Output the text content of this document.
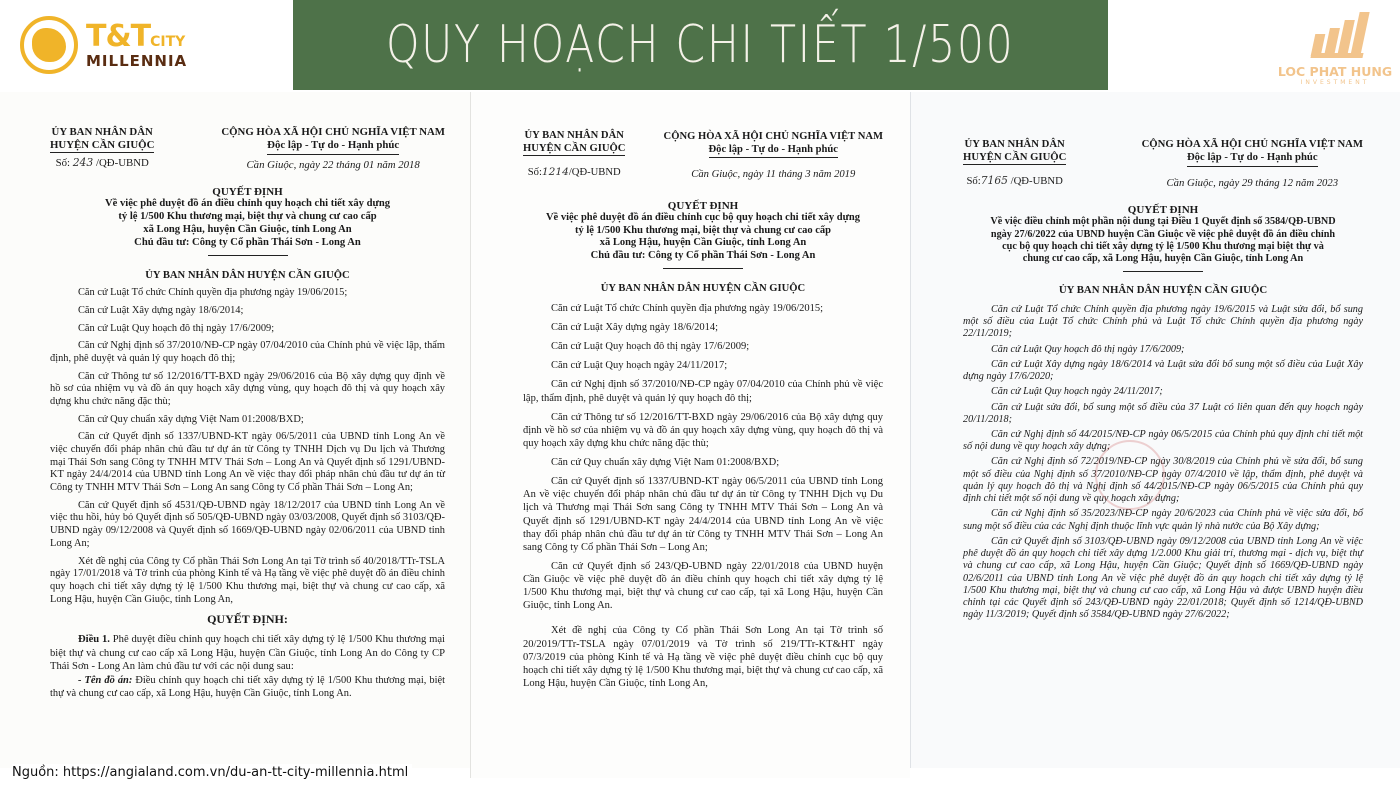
T&TCITY
MILLENNIA	QUY HOẠCH CHI TIẾT 1/500	LOC PHAT HUNG
INVESTMENT
ỦY BAN NHÂN DÂN
HUYỆN CẦN GIUỘC
Số: 243 /QĐ-UBND
CỘNG HÒA XÃ HỘI CHỦ NGHĨA VIỆT NAM
Độc lập - Tự do - Hạnh phúc
Cần Giuộc, ngày 22 tháng 01 năm 2018
QUYẾT ĐỊNH
Về việc phê duyệt đồ án điều chỉnh quy hoạch chi tiết xây dựng
tỷ lệ 1/500 Khu thương mại, biệt thự và chung cư cao cấp
xã Long Hậu, huyện Cần Giuộc, tỉnh Long An
Chủ đầu tư: Công ty Cổ phần Thái Sơn - Long An
ỦY BAN NHÂN DÂN HUYỆN CẦN GIUỘC

Căn cứ Luật Tổ chức Chính quyền địa phương ngày 19/06/2015;

Căn cứ Luật Xây dựng ngày 18/6/2014;

Căn cứ Luật Quy hoạch đô thị ngày 17/6/2009;

Căn cứ Nghị định số 37/2010/NĐ-CP ngày 07/04/2010 của Chính phủ về việc lập, thẩm định, phê duyệt và quản lý quy hoạch đô thị;

Căn cứ Thông tư số 12/2016/TT-BXD ngày 29/06/2016 của Bộ xây dựng quy định về hồ sơ của nhiệm vụ và đồ án quy hoạch xây dựng vùng, quy hoạch đô thị và quy hoạch xây dựng khu chức năng đặc thù;

Căn cứ Quy chuẩn xây dựng Việt Nam 01:2008/BXD;

Căn cứ Quyết định số 1337/UBND-KT ngày 06/5/2011 của UBND tỉnh Long An về việc chuyển đổi pháp nhân chủ đầu tư dự án từ Công ty TNHH Dịch vụ Du lịch và Thương mại Thái Sơn sang Công ty TNHH MTV Thái Sơn – Long An và Quyết định số 1291/UBND-KT ngày 24/4/2014 của UBND tỉnh Long An về việc thay đổi pháp nhân chủ đầu tư dự án từ Công ty TNHH MTV Thái Sơn – Long An sang Công ty Cổ phần Thái Sơn – Long An;

Căn cứ Quyết định số 4531/QĐ-UBND ngày 18/12/2017 của UBND tỉnh Long An về việc thu hồi, hủy bỏ Quyết định số 505/QĐ-UBND ngày 03/03/2008, Quyết định số 3103/QĐ-UBND ngày 09/12/2008 và Quyết định số 1669/QĐ-UBND ngày 02/06/2011 của UBND tỉnh Long An;

Xét đề nghị của Công ty Cổ phần Thái Sơn Long An tại Tờ trình số 40/2018/TTr-TSLA ngày 17/01/2018 và Tờ trình của phòng Kinh tế và Hạ tầng về việc phê duyệt đồ án điều chỉnh quy hoạch chi tiết xây dựng tỷ lệ 1/500 Khu thương mại, biệt thự và chung cư cao cấp, xã Long Hậu, huyện Cần Giuộc, tỉnh Long An,

QUYẾT ĐỊNH:

Điều 1. Phê duyệt điều chỉnh quy hoạch chi tiết xây dựng tỷ lệ 1/500 Khu thương mại biệt thự và chung cư cao cấp xã Long Hậu, huyện Cần Giuộc, tỉnh Long An do Công ty CP Thái Sơn - Long An làm chủ đầu tư với các nội dung sau:

- Tên đồ án: Điều chỉnh quy hoạch chi tiết xây dựng tỷ lệ 1/500 Khu thương mại, biệt thự và chung cư cao cấp, xã Long Hậu, huyện Cần Giuộc, tỉnh Long An.

ỦY BAN NHÂN DÂN
HUYỆN CẦN GIUỘC
Số:1214/QĐ-UBND
CỘNG HÒA XÃ HỘI CHỦ NGHĨA VIỆT NAM
Độc lập - Tự do - Hạnh phúc
Cần Giuộc, ngày 11 tháng 3 năm 2019
QUYẾT ĐỊNH
Về việc phê duyệt đồ án điều chỉnh cục bộ quy hoạch chi tiết xây dựng
tỷ lệ 1/500 Khu thương mại, biệt thự và chung cư cao cấp
xã Long Hậu, huyện Cần Giuộc, tỉnh Long An
Chủ đầu tư: Công ty Cổ phần Thái Sơn - Long An
ỦY BAN NHÂN DÂN HUYỆN CẦN GIUỘC

Căn cứ Luật Tổ chức Chính quyền địa phương ngày 19/06/2015;

Căn cứ Luật Xây dựng ngày 18/6/2014;

Căn cứ Luật Quy hoạch đô thị ngày 17/6/2009;

Căn cứ Luật Quy hoạch ngày 24/11/2017;

Căn cứ Nghị định số 37/2010/NĐ-CP ngày 07/04/2010 của Chính phủ về việc lập, thẩm định, phê duyệt và quản lý quy hoạch đô thị;

Căn cứ Thông tư số 12/2016/TT-BXD ngày 29/06/2016 của Bộ xây dựng quy định về hồ sơ của nhiệm vụ và đồ án quy hoạch xây dựng vùng, quy hoạch đô thị và quy hoạch xây dựng khu chức năng đặc thù;

Căn cứ Quy chuẩn xây dựng Việt Nam 01:2008/BXD;

Căn cứ Quyết định số 1337/UBND-KT ngày 06/5/2011 của UBND tỉnh Long An về việc chuyển đổi pháp nhân chủ đầu tư dự án từ Công ty TNHH Dịch vụ Du lịch và Thương mại Thái Sơn sang Công ty TNHH MTV Thái Sơn – Long An và Quyết định số 1291/UBND-KT ngày 24/4/2014 của UBND tỉnh Long An về việc thay đổi pháp nhân chủ đầu tư dự án từ Công ty TNHH MTV Thái Sơn – Long An sang Công ty Cổ phần Thái Sơn – Long An;

Căn cứ Quyết định số 243/QĐ-UBND ngày 22/01/2018 của UBND huyện Cần Giuộc về việc phê duyệt đồ án điều chỉnh quy hoạch chi tiết xây dựng tỷ lệ 1/500 Khu thương mại, biệt thự và chung cư cao cấp, tại xã Long Hậu, huyện Cần Giuộc, tỉnh Long An.

Xét đề nghị của Công ty Cổ phần Thái Sơn Long An tại Tờ trình số 20/2019/TTr-TSLA ngày 07/01/2019 và Tờ trình số 219/TTr-KT&HT ngày 07/3/2019 của phòng Kinh tế và Hạ tầng về việc phê duyệt điều chỉnh cục bộ quy hoạch chi tiết xây dựng tỷ lệ 1/500 Khu thương mại, biệt thự và chung cư cao cấp, xã Long Hậu, huyện Cần Giuộc, tỉnh Long An,

ỦY BAN NHÂN DÂN
HUYỆN CẦN GIUỘC
Số:7165 /QĐ-UBND
CỘNG HÒA XÃ HỘI CHỦ NGHĨA VIỆT NAM
Độc lập - Tự do - Hạnh phúc
Cần Giuộc, ngày 29 tháng 12 năm 2023
QUYẾT ĐỊNH
Về việc điều chỉnh một phần nội dung tại Điều 1 Quyết định số 3584/QĐ-UBND
ngày 27/6/2022 của UBND huyện Cần Giuộc về việc phê duyệt đồ án điều chỉnh
cục bộ quy hoạch chi tiết xây dựng tỷ lệ 1/500 Khu thương mại biệt thự và
chung cư cao cấp, xã Long Hậu, huyện Cần Giuộc, tỉnh Long An
ỦY BAN NHÂN DÂN HUYỆN CẦN GIUỘC

Căn cứ Luật Tổ chức Chính quyền địa phương ngày 19/6/2015 và Luật sửa đổi, bổ sung một số điều của Luật Tổ chức Chính phủ và Luật Tổ chức Chính quyền địa phương ngày 22/11/2019;

Căn cứ Luật Quy hoạch đô thị ngày 17/6/2009;

Căn cứ Luật Xây dựng ngày 18/6/2014 và Luật sửa đổi bổ sung một số điều của Luật Xây dựng ngày 17/6/2020;

Căn cứ Luật Quy hoạch ngày 24/11/2017;

Căn cứ Luật sửa đổi, bổ sung một số điều của 37 Luật có liên quan đến quy hoạch ngày 20/11/2018;

Căn cứ Nghị định số 44/2015/NĐ-CP ngày 06/5/2015 của Chính phủ quy định chi tiết một số nội dung về quy hoạch xây dựng;

Căn cứ Nghị định số 72/2019/NĐ-CP ngày 30/8/2019 của Chính phủ về sửa đổi, bổ sung một số điều của Nghị định số 37/2010/NĐ-CP ngày 07/4/2010 về lập, thẩm định, phê duyệt và quản lý quy hoạch đô thị và Nghị định số 44/2015/NĐ-CP ngày 06/5/2015 của Chính phủ quy định chi tiết một số nội dung về quy hoạch xây dựng;

Căn cứ Nghị định số 35/2023/NĐ-CP ngày 20/6/2023 của Chính phủ về việc sửa đổi, bổ sung một số điều của các Nghị định thuộc lĩnh vực quản lý nhà nước của Bộ Xây dựng;

Căn cứ Quyết định số 3103/QĐ-UBND ngày 09/12/2008 của UBND tỉnh Long An về việc phê duyệt đồ án quy hoạch chi tiết xây dựng 1/2.000 Khu giải trí, thương mại - dịch vụ, biệt thự và chung cư cao cấp, xã Long Hậu, huyện Cần Giuộc; Quyết định số 1669/QĐ-UBND ngày 02/6/2011 của UBND tỉnh Long An về việc phê duyệt đồ án quy hoạch chi tiết xây dựng tỷ lệ 1/500 Khu thương mại, biệt thự và chung cư cao cấp, xã Long Hậu và được UBND huyện điều chỉnh tại các Quyết định số 243/QĐ-UBND ngày 22/01/2018; Quyết định số 1214/QĐ-UBND ngày 11/3/2019; Quyết định số 3584/QĐ-UBND ngày 27/6/2022;

Nguồn: https://angialand.com.vn/du-an-tt-city-millennia.html
